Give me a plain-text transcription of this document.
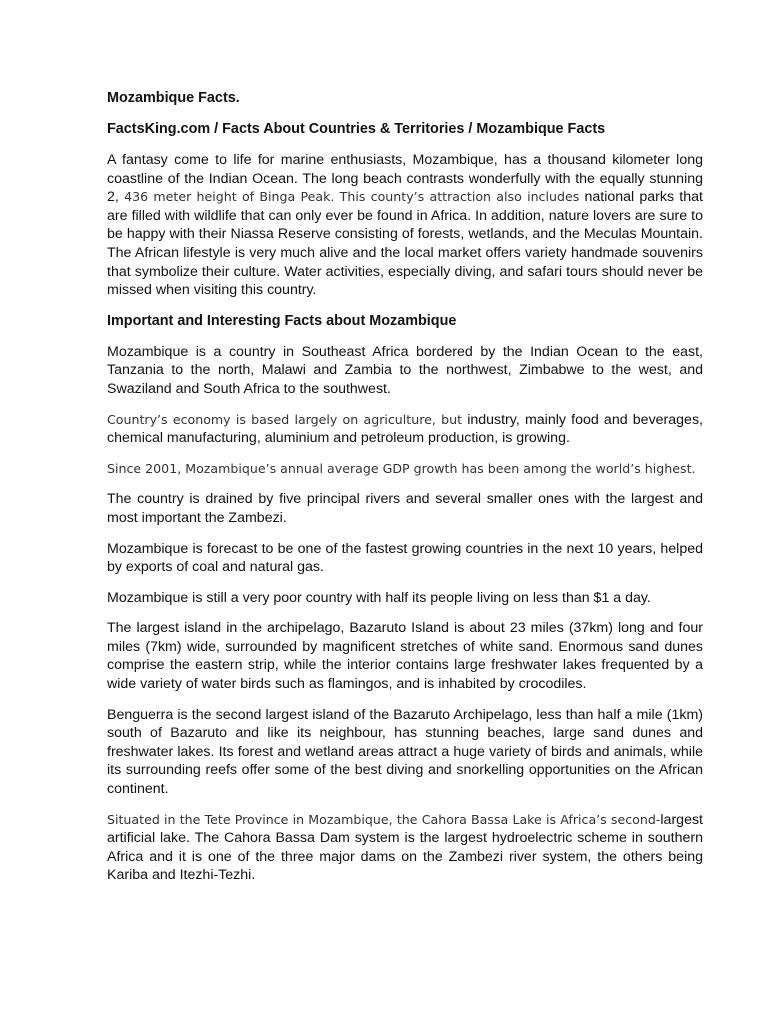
Mozambique Facts.

FactsKing.com / Facts About Countries & Territories / Mozambique Facts

A fantasy come to life for marine enthusiasts, Mozambique, has a thousand kilometer long coastline of the Indian Ocean. The long beach contrasts wonderfully with the equally stunning 2, 436 meter height of Binga Peak. This county’s attraction also includes national parks that are filled with wildlife that can only ever be found in Africa. In addition, nature lovers are sure to be happy with their Niassa Reserve consisting of forests, wetlands, and the Meculas Mountain. The African lifestyle is very much alive and the local market offers variety handmade souvenirs that symbolize their culture. Water activities, especially diving, and safari tours should never be missed when visiting this country.

Important and Interesting Facts about Mozambique

Mozambique is a country in Southeast Africa bordered by the Indian Ocean to the east, Tanzania to the north, Malawi and Zambia to the northwest, Zimbabwe to the west, and Swaziland and South Africa to the southwest.

Country’s economy is based largely on agriculture, but industry, mainly food and beverages, chemical manufacturing, aluminium and petroleum production, is growing.

Since 2001, Mozambique’s annual average GDP growth has been among the world’s highest.

The country is drained by five principal rivers and several smaller ones with the largest and most important the Zambezi.

Mozambique is forecast to be one of the fastest growing countries in the next 10 years, helped by exports of coal and natural gas.

Mozambique is still a very poor country with half its people living on less than $1 a day.

The largest island in the archipelago, Bazaruto Island is about 23 miles (37km) long and four miles (7km) wide, surrounded by magnificent stretches of white sand. Enormous sand dunes comprise the eastern strip, while the interior contains large freshwater lakes frequented by a wide variety of water birds such as flamingos, and is inhabited by crocodiles.

Benguerra is the second largest island of the Bazaruto Archipelago, less than half a mile (1km) south of Bazaruto and like its neighbour, has stunning beaches, large sand dunes and freshwater lakes. Its forest and wetland areas attract a huge variety of birds and animals, while its surrounding reefs offer some of the best diving and snorkelling opportunities on the African continent.

Situated in the Tete Province in Mozambique, the Cahora Bassa Lake is Africa’s second-largest artificial lake. The Cahora Bassa Dam system is the largest hydroelectric scheme in southern Africa and it is one of the three major dams on the Zambezi river system, the others being Kariba and Itezhi-Tezhi.
